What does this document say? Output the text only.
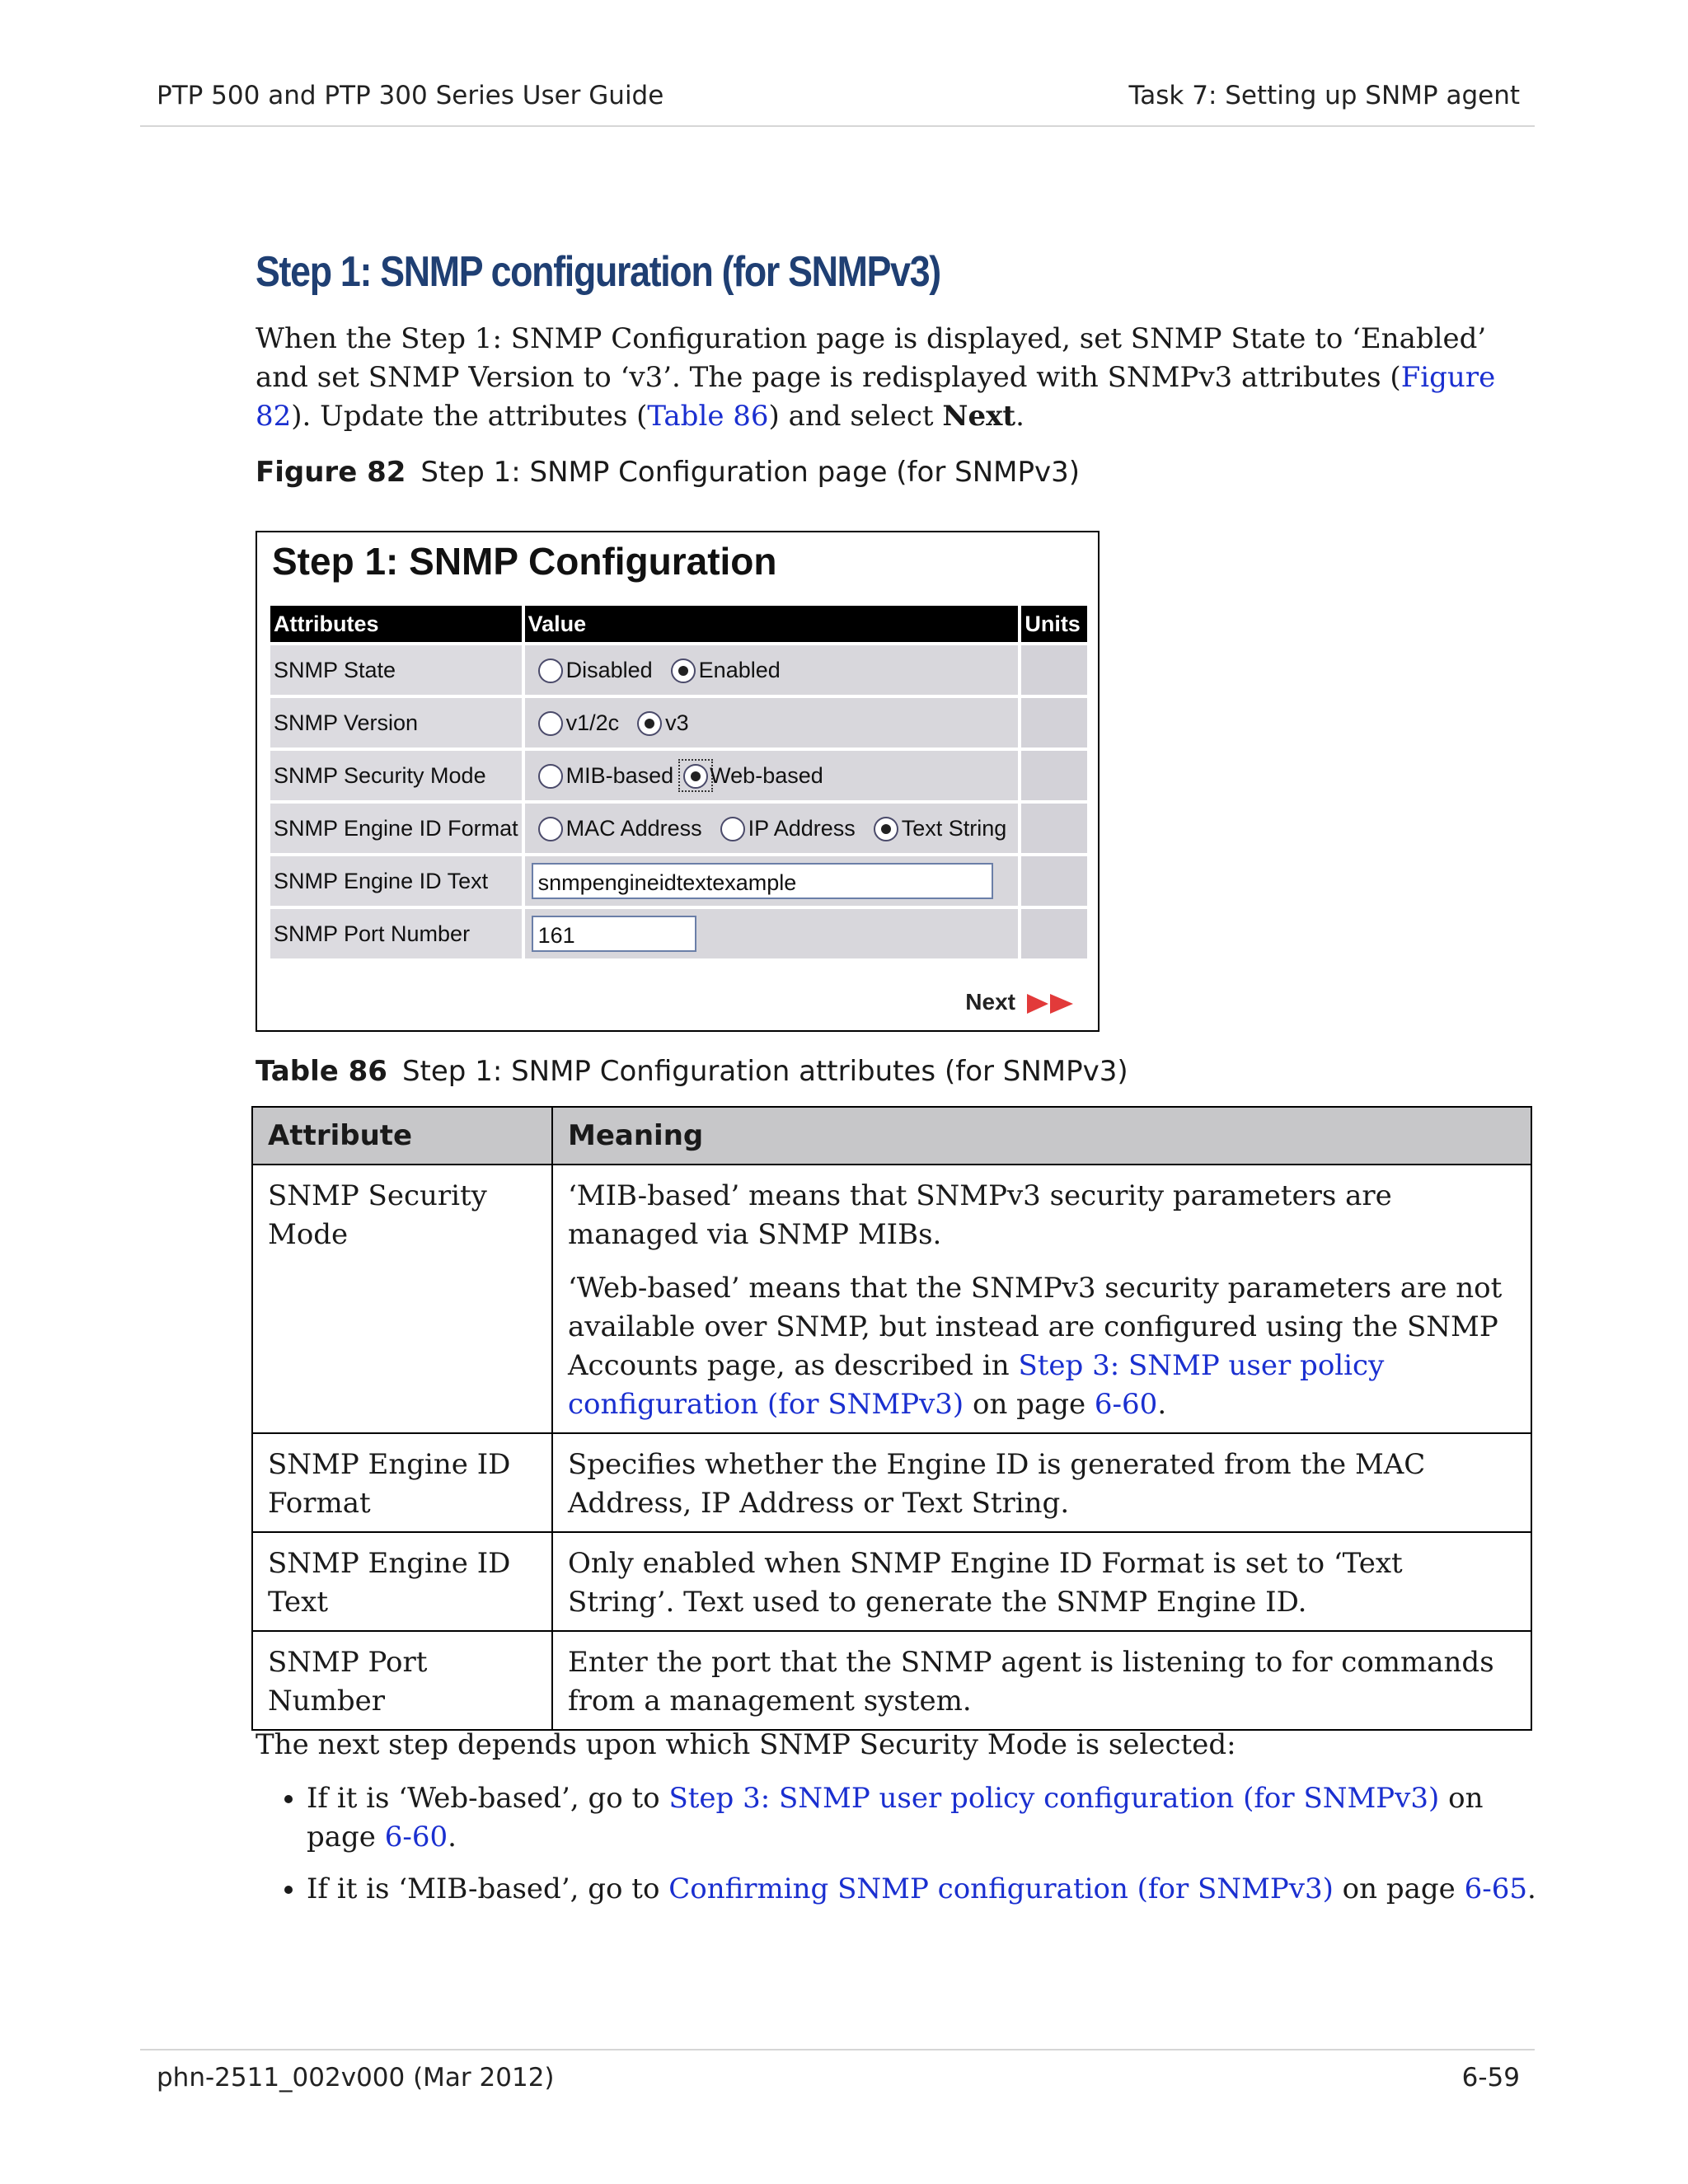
PTP 500 and PTP 300 Series User Guide	Task 7: Setting up SNMP agent
Step 1: SNMP configuration (for SNMPv3)

When the Step 1: SNMP Configuration page is displayed, set SNMP State to ‘Enabled’ and set SNMP Version to ‘v3’. The page is redisplayed with SNMPv3 attributes (Figure 82). Update the attributes (Table 86) and select Next.

Figure 82 Step 1: SNMP Configuration page (for SNMPv3)
Step 1: SNMP Configuration
Attributes	Value	Units
SNMP State	Disabled Enabled	
SNMP Version	v1/2c v3	
SNMP Security Mode	MIB-based Web-based	
SNMP Engine ID Format	MAC Address IP Address Text String	
SNMP Engine ID Text	snmpengineidtextexample	
SNMP Port Number	161	
Next
Table 86 Step 1: SNMP Configuration attributes (for SNMPv3)
Attribute	Meaning
SNMP Security Mode	‘MIB-based’ means that SNMPv3 security parameters are managed via SNMP MIBs.

‘Web-based’ means that the SNMPv3 security parameters are not available over SNMP, but instead are configured using the SNMP Accounts page, as described in Step 3: SNMP user policy configuration (for SNMPv3) on page 6-60.

SNMP Engine ID Format	Specifies whether the Engine ID is generated from the MAC Address, IP Address or Text String.
SNMP Engine ID Text	Only enabled when SNMP Engine ID Format is set to ‘Text String’. Text used to generate the SNMP Engine ID.
SNMP Port Number	Enter the port that the SNMP agent is listening to for commands from a management system.
The next step depends upon which SNMP Security Mode is selected:
• If it is ‘Web-based’, go to Step 3: SNMP user policy configuration (for SNMPv3) on page 6-60.
• If it is ‘MIB-based’, go to Confirming SNMP configuration (for SNMPv3) on page 6-65.
phn-2511_002v000 (Mar 2012)	6-59
